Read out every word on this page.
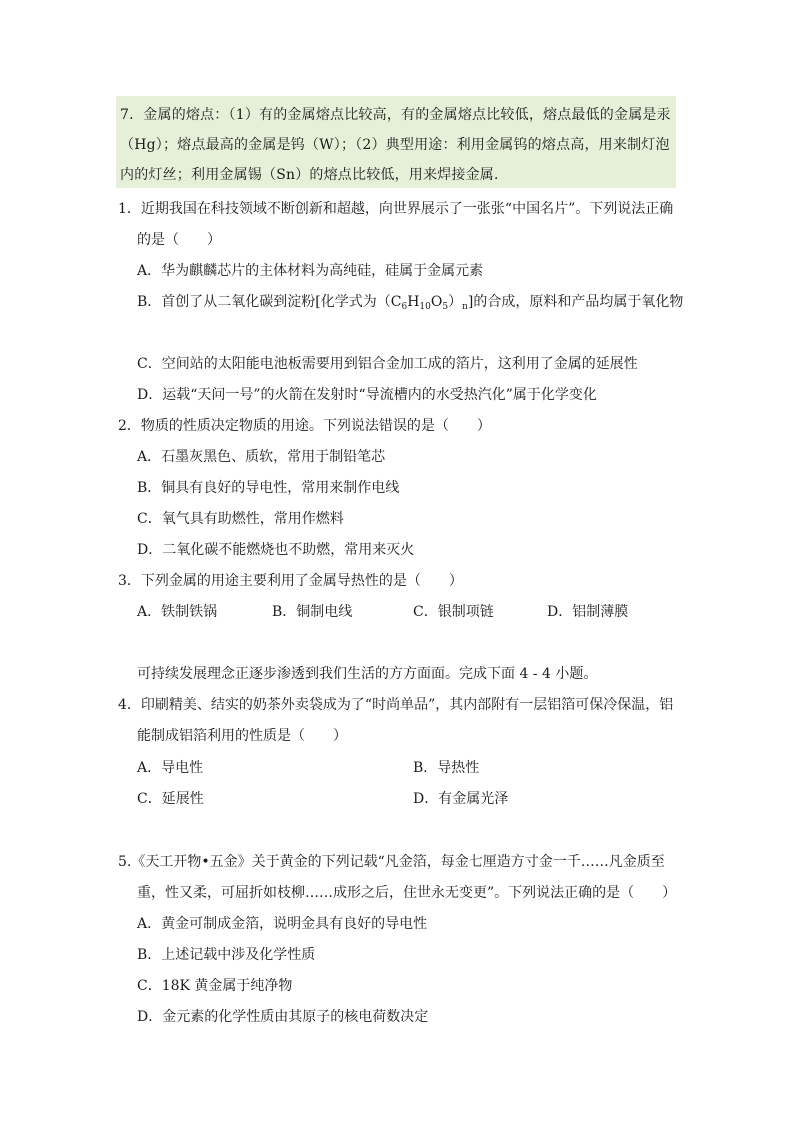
7．金属的熔点：（1）有的金属熔点比较高，有的金属熔点比较低，熔点最低的金属是汞（Hg）；熔点最高的金属是钨（W）；（2）典型用途：利用金属钨的熔点高，用来制灯泡内的灯丝；利用金属锡（Sn）的熔点比较低，用来焊接金属．
1．近期我国在科技领域不断创新和超越，向世界展示了一张张“中国名片”。下列说法正确
的是（　　）
A．华为麒麟芯片的主体材料为高纯硅，硅属于金属元素
B．首创了从二氧化碳到淀粉[化学式为$(C_6H_{10}O_5)_n$]的合成，原料和产品均属于氧化物
C．空间站的太阳能电池板需要用到铝合金加工成的箔片，这利用了金属的延展性
D．运载“天问一号”的火箭在发射时“导流槽内的水受热汽化”属于化学变化
2．物质的性质决定物质的用途。下列说法错误的是（　　）
A．石墨灰黑色、质软，常用于制铅笔芯
B．铜具有良好的导电性，常用来制作电线
C．氧气具有助燃性，常用作燃料
D．二氧化碳不能燃烧也不助燃，常用来灭火
3．下列金属的用途主要利用了金属导热性的是（　　）
A．铁制铁锅	B．铜制电线	C．银制项链	D．铝制薄膜
可持续发展理念正逐步渗透到我们生活的方方面面。完成下面 4 - 4 小题。
4．印刷精美、结实的奶茶外卖袋成为了“时尚单品”，其内部附有一层铝箔可保冷保温，铝
能制成铝箔利用的性质是（　　）
A．导电性	B．导热性
C．延展性	D．有金属光泽
5.《天工开物•五金》关于黄金的下列记载“凡金箔，每金七厘造方寸金一千……凡金质至
重，性又柔，可屈折如枝柳……成形之后，住世永无变更”。下列说法正确的是（　　）
A．黄金可制成金箔，说明金具有良好的导电性
B．上述记载中涉及化学性质
C．18K 黄金属于纯净物
D．金元素的化学性质由其原子的核电荷数决定
